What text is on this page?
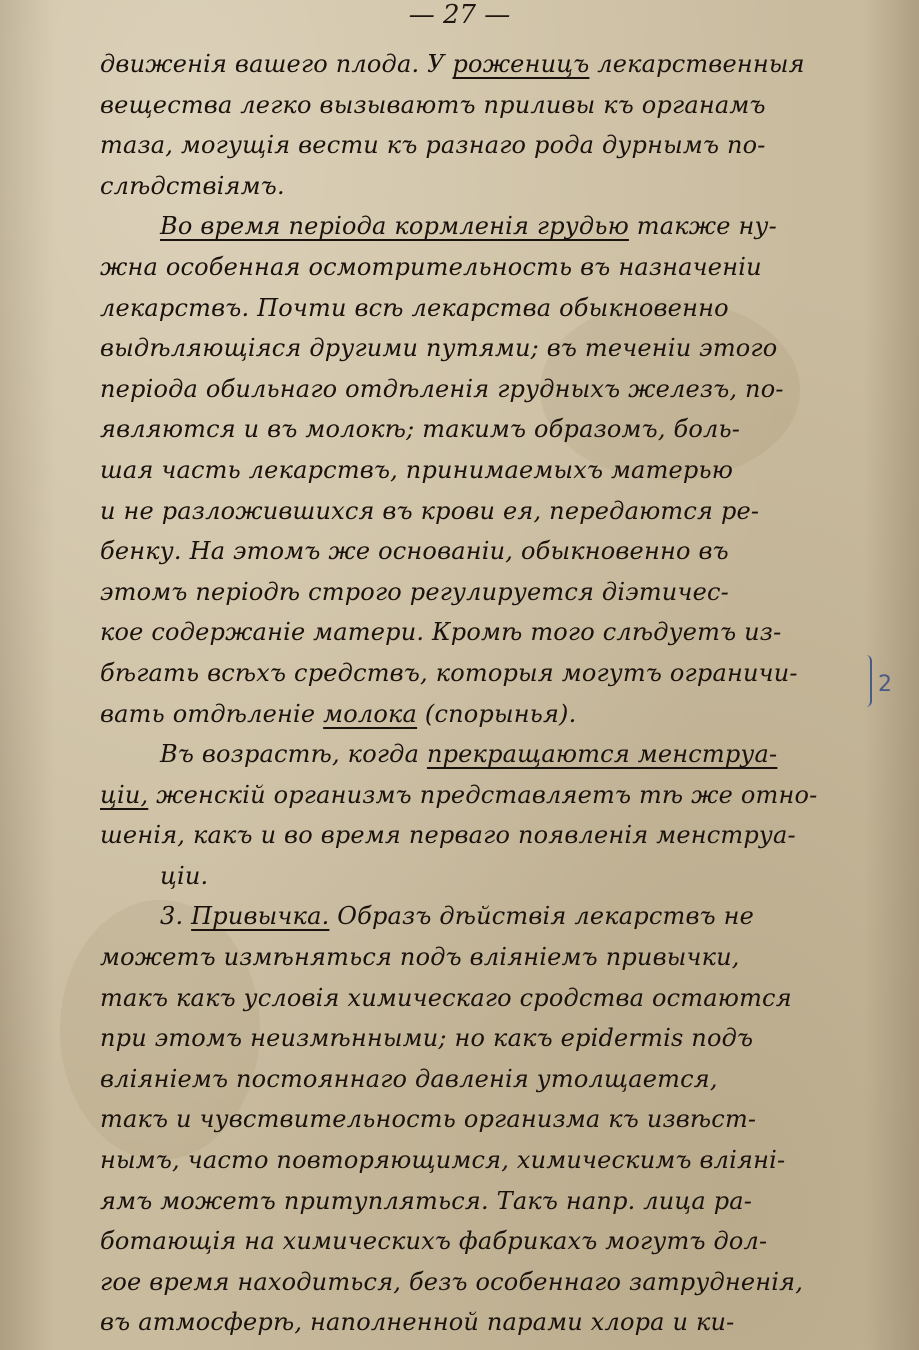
— 27 —
движенія вашего плода. У роженицъ лекарственныя
вещества легко вызываютъ приливы къ органамъ
таза, могущія вести къ разнаго рода дурнымъ по-
слѣдствіямъ.
Во время періода кормленія грудью также ну-
жна особенная осмотрительность въ назначеніи
лекарствъ. Почти всѣ лекарства обыкновенно
выдѣляющіяся другими путями; въ теченіи этого
періода обильнаго отдѣленія грудныхъ железъ, по-
являются и въ молокѣ; такимъ образомъ, боль-
шая часть лекарствъ, принимаемыхъ матерью
и не разложившихся въ крови ея, передаются ре-
бенку. На этомъ же основаніи, обыкновенно въ
этомъ періодѣ строго регулируется діэтичес-
кое содержаніе матери. Кромѣ того слѣдуетъ из-
бѣгать всѣхъ средствъ, которыя могутъ ограничи-
вать отдѣленіе молока (спорынья).
Въ возрастѣ, когда прекращаются менструа-
ціи, женскій организмъ представляетъ тѣ же отно-
шенія, какъ и во время перваго появленія менструа-
ціи.
3. Привычка. Образъ дѣйствія лекарствъ не
можетъ измѣняться подъ вліяніемъ привычки,
такъ какъ условія химическаго сродства остаются
при этомъ неизмѣнными; но какъ epidermis подъ
вліяніемъ постояннаго давленія утолщается,
такъ и чувствительность организма къ извѣст-
нымъ, часто повторяющимся, химическимъ вліяні-
ямъ можетъ притупляться. Такъ напр. лица ра-
ботающія на химическихъ фабрикахъ могутъ дол-
гое время находиться, безъ особеннаго затрудненія,
въ атмосферѣ, наполненной парами хлора и ки-
2
